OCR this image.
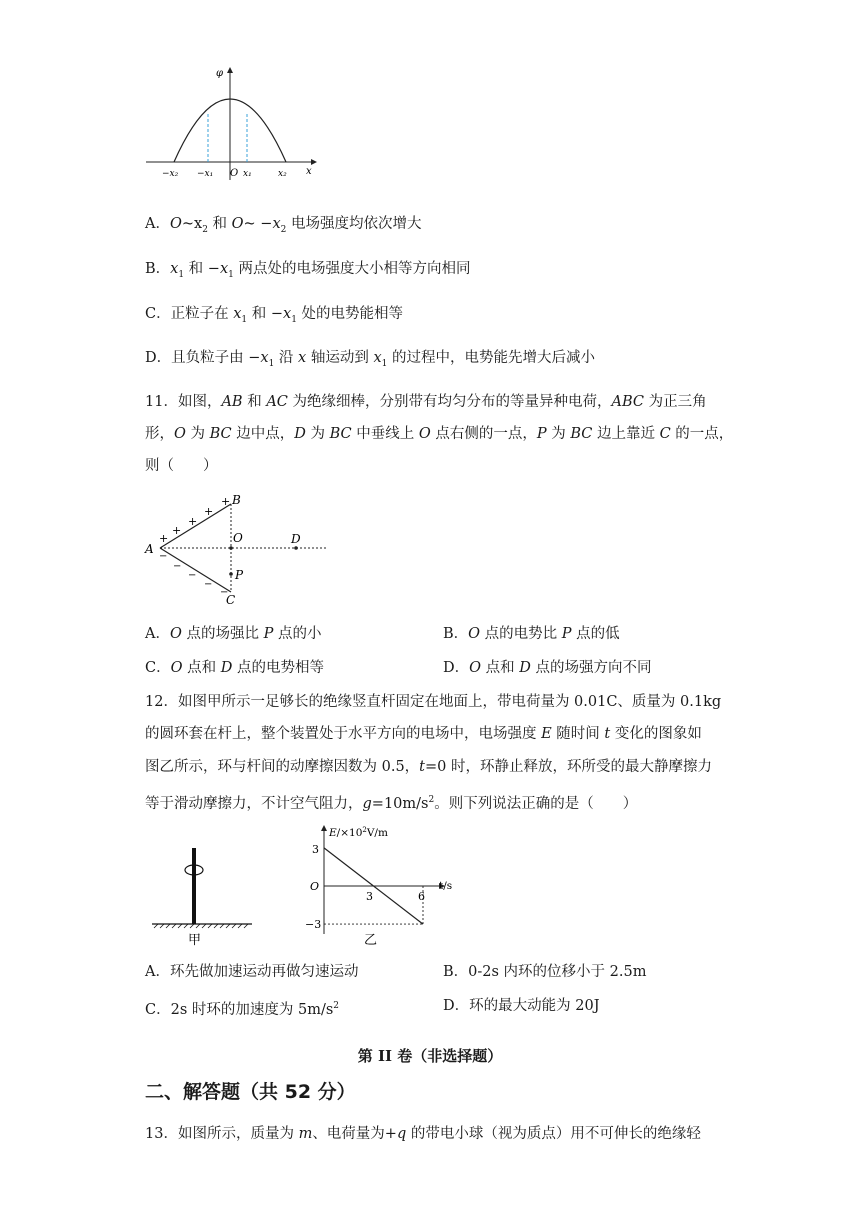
φ
x
−x₂ −x₁ O x₁	x₂
A．$O\sim x_2$ 和 O~ $-x_2$ 电场强度均依次增大
B．$x_1$ 和 $-x_1$ 两点处的电场强度大小相等方向相同
C．正粒子在 $x_1$ 和 $-x_1$ 处的电势能相等
D．且负粒子由 $-x_1$ 沿 x 轴运动到 $x_1$ 的过程中，电势能先增大后减小
11．如图，AB 和 AC 为绝缘细棒，分别带有均匀分布的等量异种电荷，ABC 为正三角
形，O 为 BC 边中点，D 为 BC 中垂线上 O 点右侧的一点，P 为 BC 边上靠近 C 的一点，
则（　　）
A
B
C
O	D
P
+
+
+
+
+
−
−
−
−
−
A．O 点的场强比 P 点的小	B．O 点的电势比 P 点的低
C．O 点和 D 点的电势相等	D．O 点和 D 点的场强方向不同
12．如图甲所示一足够长的绝缘竖直杆固定在地面上，带电荷量为 0.01C、质量为 0.1kg
的圆环套在杆上，整个装置处于水平方向的电场中，电场强度 E 随时间 t 变化的图象如
图乙所示，环与杆间的动摩擦因数为 0.5，t=0 时，环静止释放，环所受的最大静摩擦力
等于滑动摩擦力，不计空气阻力，$g=10m/s^2$。则下列说法正确的是（　　）
甲
$E/\times 10^2V/m$
t/s
3
O
−3
3	6
乙
A．环先做加速运动再做匀速运动	B．0-2s 内环的位移小于 2.5m
C．2s 时环的加速度为 $5m/s^2$	D．环的最大动能为 20J
第 II 卷（非选择题）
二、解答题（共 52 分）
13．如图所示，质量为 m、电荷量为+q 的带电小球（视为质点）用不可伸长的绝缘轻
